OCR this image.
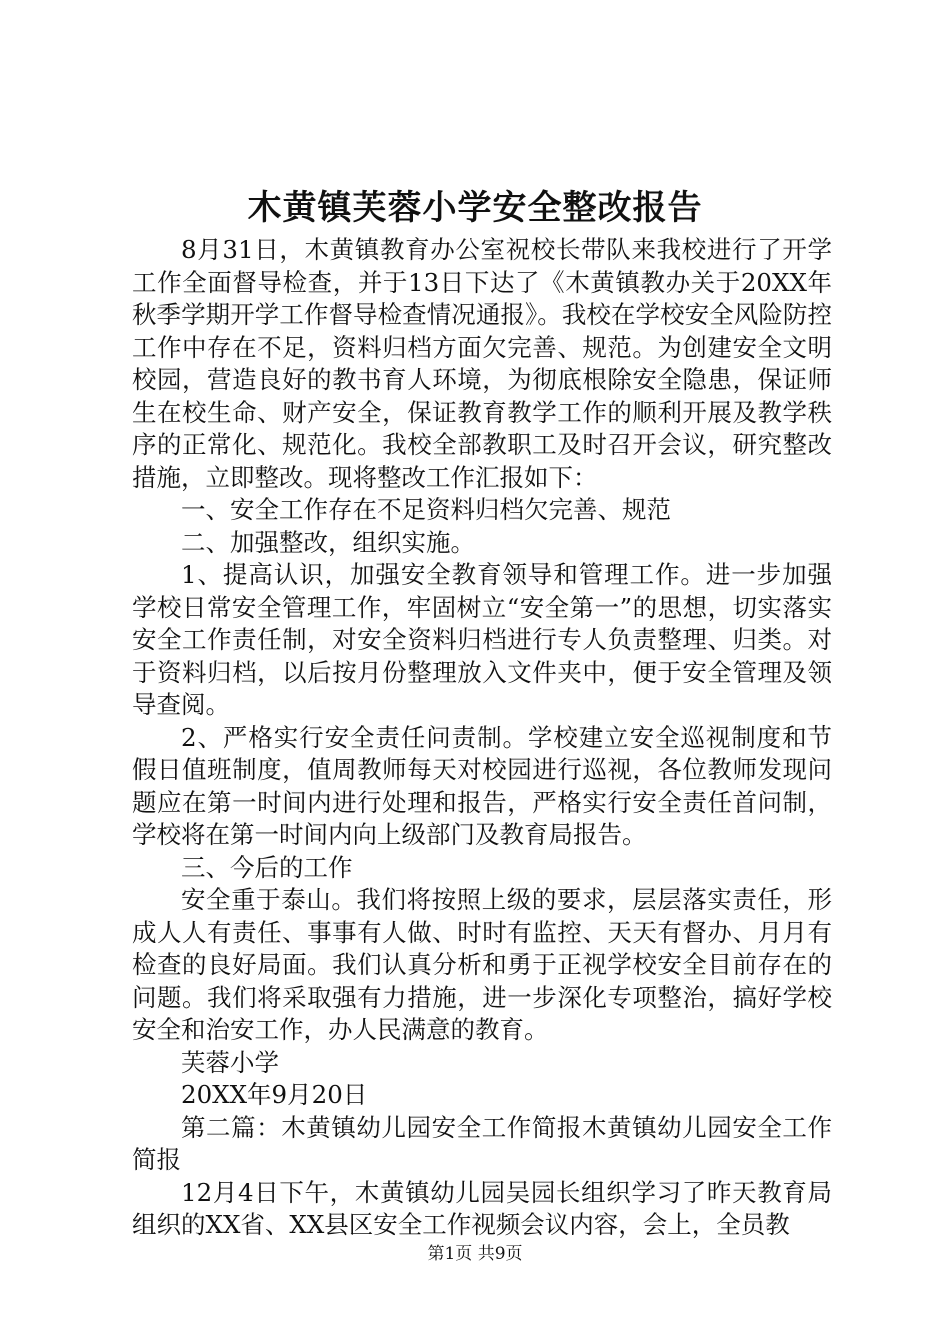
木黄镇芙蓉小学安全整改报告

8月31日，木黄镇教育办公室祝校长带队来我校进行了开学工作全面督导检查，并于13日下达了《木黄镇教办关于20XX年秋季学期开学工作督导检查情况通报》。我校在学校安全风险防控工作中存在不足，资料归档方面欠完善、规范。为创建安全文明校园，营造良好的教书育人环境，为彻底根除安全隐患，保证师生在校生命、财产安全，保证教育教学工作的顺利开展及教学秩序的正常化、规范化。我校全部教职工及时召开会议，研究整改措施，立即整改。现将整改工作汇报如下：

一、安全工作存在不足资料归档欠完善、规范

二、加强整改，组织实施。

1、提高认识，加强安全教育领导和管理工作。进一步加强学校日常安全管理工作，牢固树立“安全第一”的思想，切实落实安全工作责任制，对安全资料归档进行专人负责整理、归类。对于资料归档，以后按月份整理放入文件夹中，便于安全管理及领导查阅。

2、严格实行安全责任问责制。学校建立安全巡视制度和节假日值班制度，值周教师每天对校园进行巡视，各位教师发现问题应在第一时间内进行处理和报告，严格实行安全责任首问制，学校将在第一时间内向上级部门及教育局报告。

三、今后的工作

安全重于泰山。我们将按照上级的要求，层层落实责任，形成人人有责任、事事有人做、时时有监控、天天有督办、月月有检查的良好局面。我们认真分析和勇于正视学校安全目前存在的问题。我们将采取强有力措施，进一步深化专项整治，搞好学校安全和治安工作，办人民满意的教育。

芙蓉小学

20XX年9月20日

第二篇：木黄镇幼儿园安全工作简报木黄镇幼儿园安全工作简报

12月4日下午，木黄镇幼儿园吴园长组织学习了昨天教育局组织的XX省、XX县区安全工作视频会议内容，会上，全员教

第1页 共9页
